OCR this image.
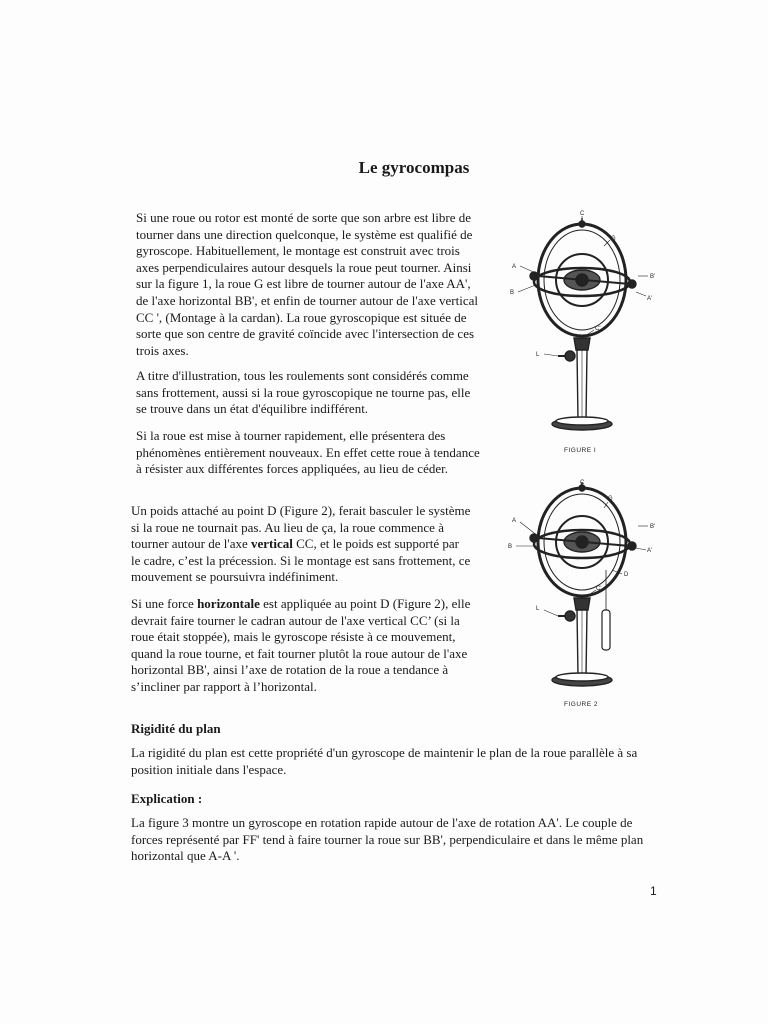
Le gyrocompas
Si une roue ou rotor est monté de sorte que son arbre est libre de
tourner dans une direction quelconque, le système est qualifié de
gyroscope. Habituellement, le montage est construit avec trois
axes perpendiculaires autour desquels la roue peut tourner. Ainsi
sur la figure 1, la roue G est libre de tourner autour de l'axe AA',
de l'axe horizontal BB', et enfin de tourner autour de l'axe vertical
CC ', (Montage à la cardan). La roue gyroscopique est située de
sorte que son centre de gravité coïncide avec l'intersection de ces
trois axes.
A titre d'illustration, tous les roulements sont considérés comme
sans frottement, aussi si la roue gyroscopique ne tourne pas, elle
se trouve dans un état d'équilibre indifférent.
Si la roue est mise à tourner rapidement, elle présentera des
phénomènes entièrement nouveaux. En effet cette roue à tendance
à résister aux différentes forces appliquées, au lieu de céder.
Un poids attaché au point D (Figure 2), ferait basculer le système
si la roue ne tournait pas. Au lieu de ça, la roue commence à
tourner autour de l'axe vertical CC, et le poids est supporté par
le cadre, c’est la précession. Si le montage est sans frottement, ce
mouvement se poursuivra indéfiniment.
Si une force horizontale est appliquée au point D (Figure 2), elle
devrait faire tourner le cadran autour de l'axe vertical CC’ (si la
roue était stoppée), mais le gyroscope résiste à ce mouvement,
quand la roue tourne, et fait tourner plutôt la roue autour de l'axe
horizontal BB', ainsi l’axe de rotation de la roue a tendance à
s’incliner par rapport à l’horizontal.
Rigidité du plan
La rigidité du plan est cette propriété d'un gyroscope de maintenir le plan de la roue parallèle à sa
position initiale dans l'espace.
Explication :
La figure 3 montre un gyroscope en rotation rapide autour de l'axe de rotation AA'. Le couple de
forces représenté par FF' tend à faire tourner la roue sur BB', perpendiculaire et dans le même plan
horizontal que A-A '.
C
G
A
B
B'
A'
C'
L
FIGURE I
C
G
A
B
B'
A'
D
C'
L
FIGURE 2
1
